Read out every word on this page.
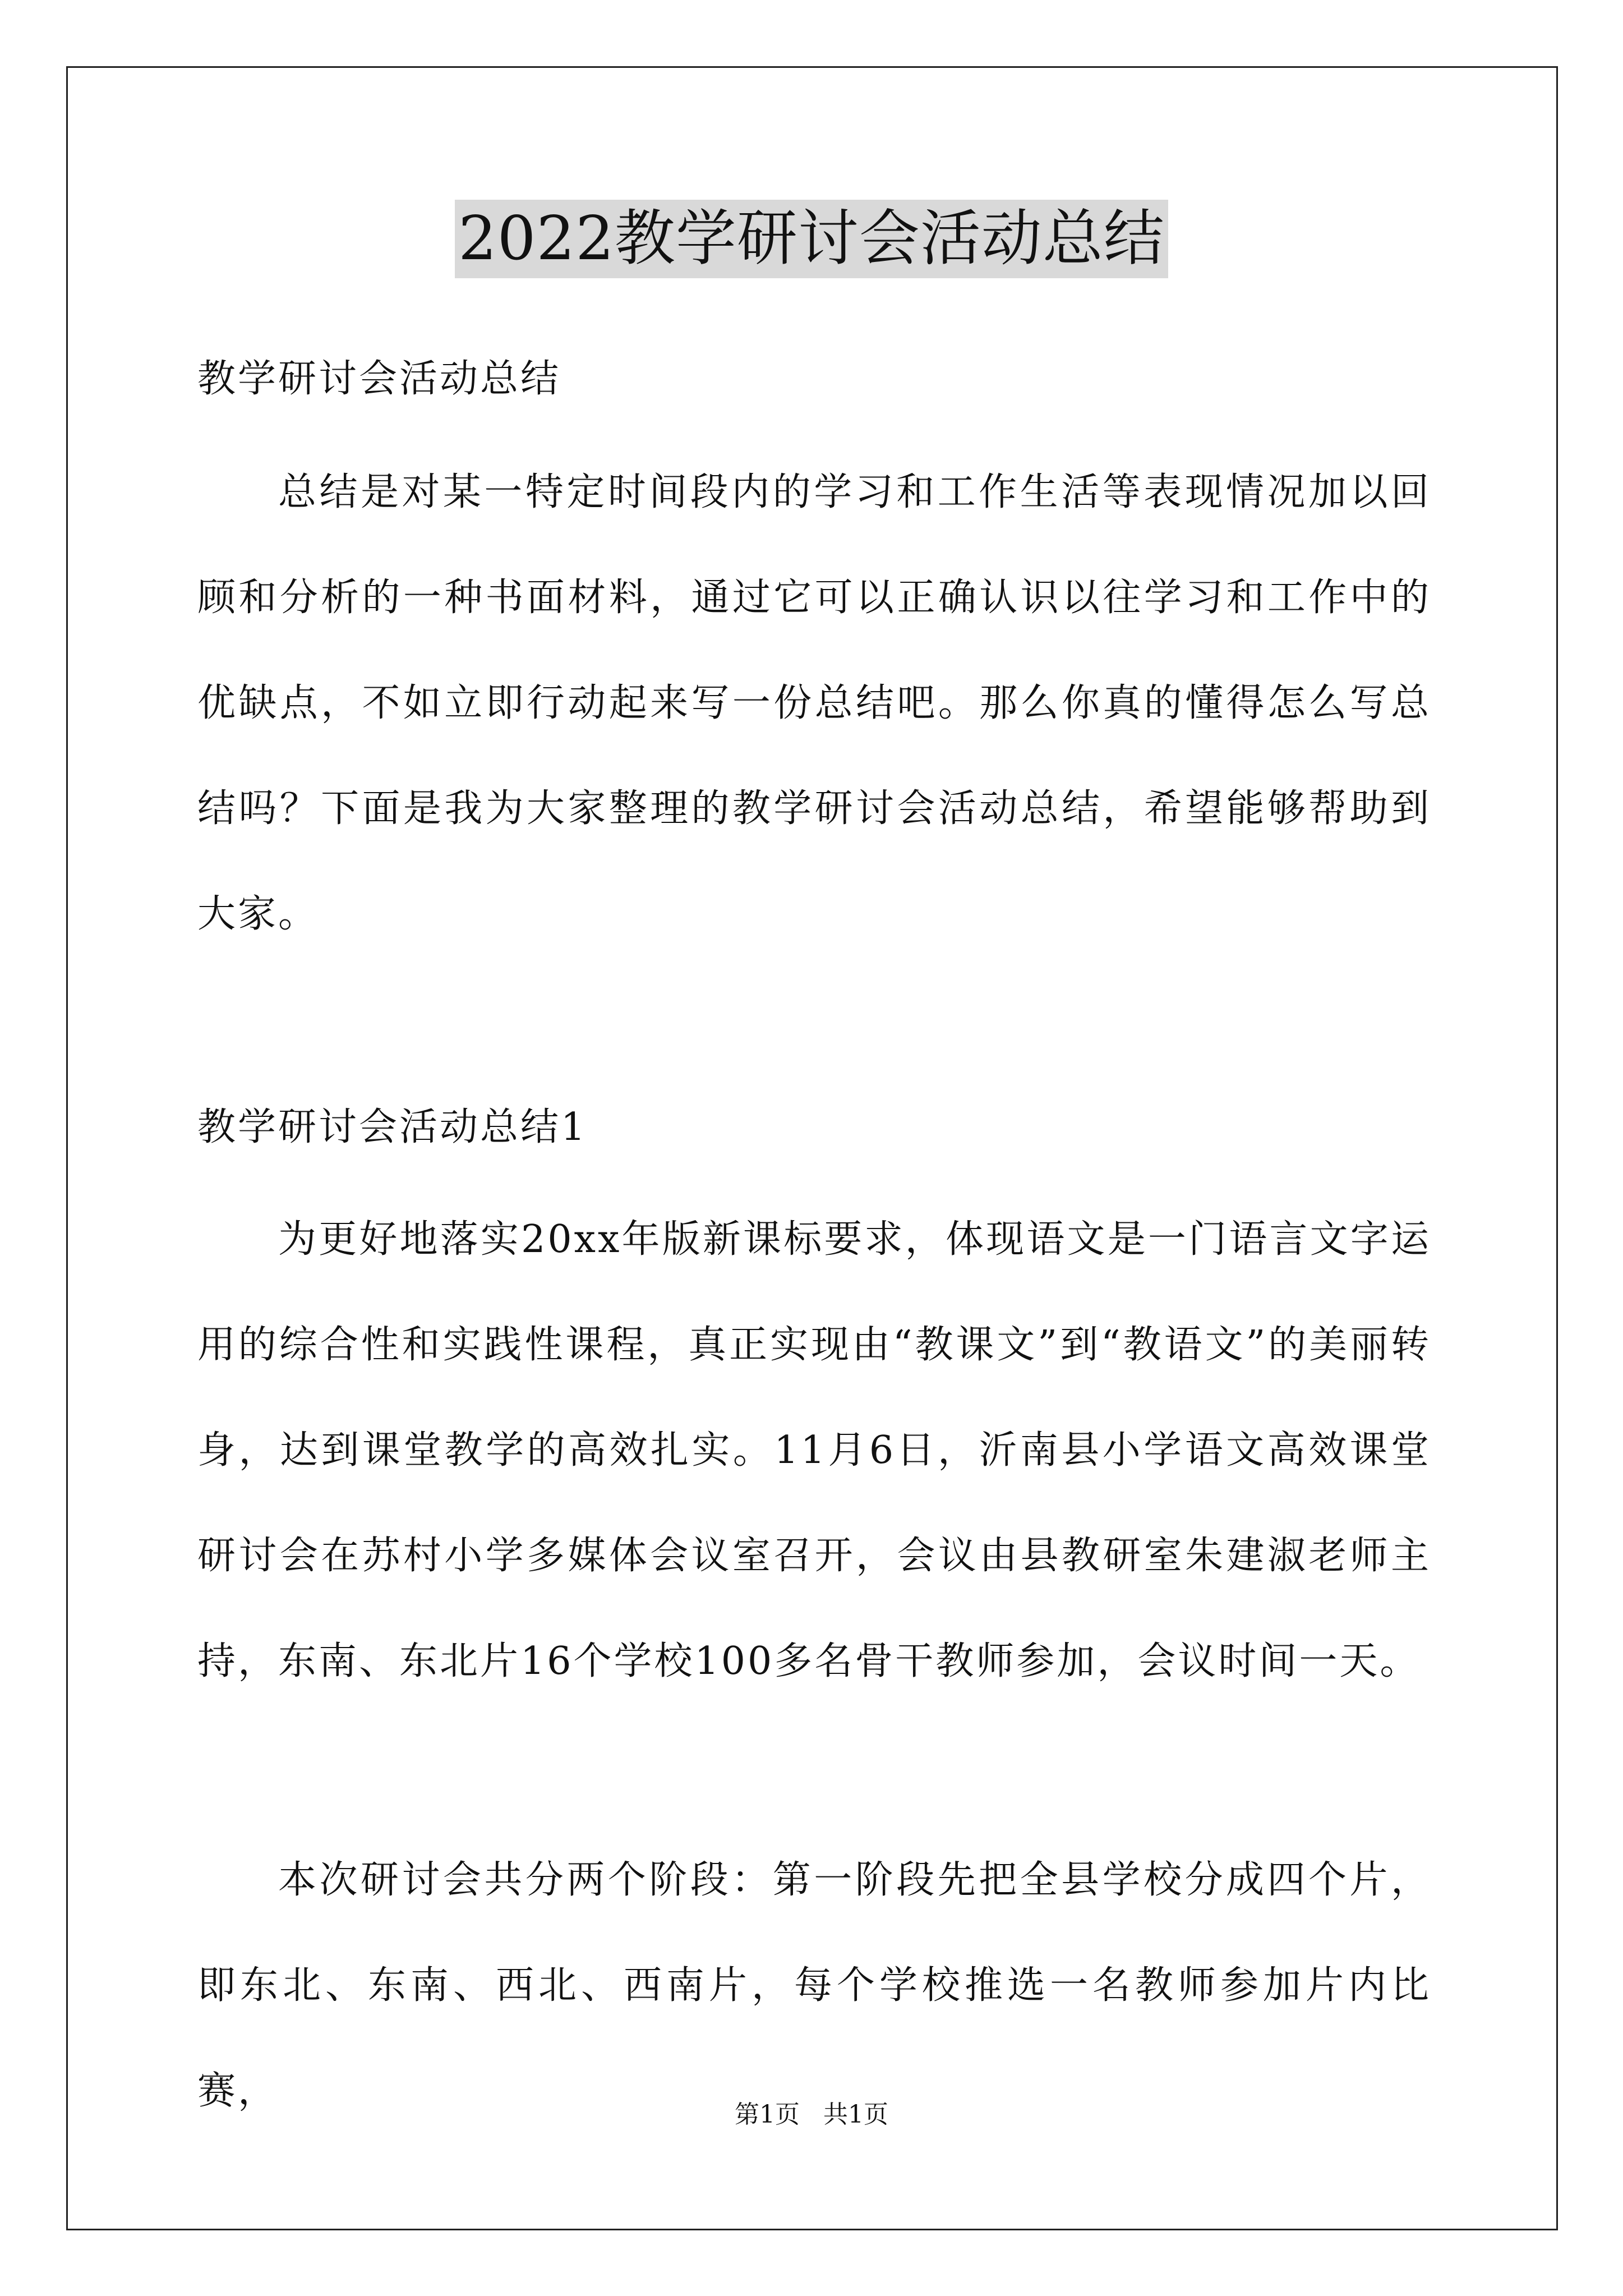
2022教学研讨会活动总结
教学研讨会活动总结
总结是对某一特定时间段内的学习和工作生活等表现情况加以回顾和分析的一种书面材料，通过它可以正确认识以往学习和工作中的优缺点，不如立即行动起来写一份总结吧。那么你真的懂得怎么写总结吗？下面是我为大家整理的教学研讨会活动总结，希望能够帮助到大家。
教学研讨会活动总结1
为更好地落实20xx年版新课标要求，体现语文是一门语言文字运用的综合性和实践性课程，真正实现由“教课文”到“教语文”的美丽转身，达到课堂教学的高效扎实。11月6日，沂南县小学语文高效课堂研讨会在苏村小学多媒体会议室召开，会议由县教研室朱建淑老师主持，东南、东北片16个学校100多名骨干教师参加，会议时间一天。
本次研讨会共分两个阶段：第一阶段先把全县学校分成四个片，即东北、东南、西北、西南片，每个学校推选一名教师参加片内比赛，
第1页   共1页
